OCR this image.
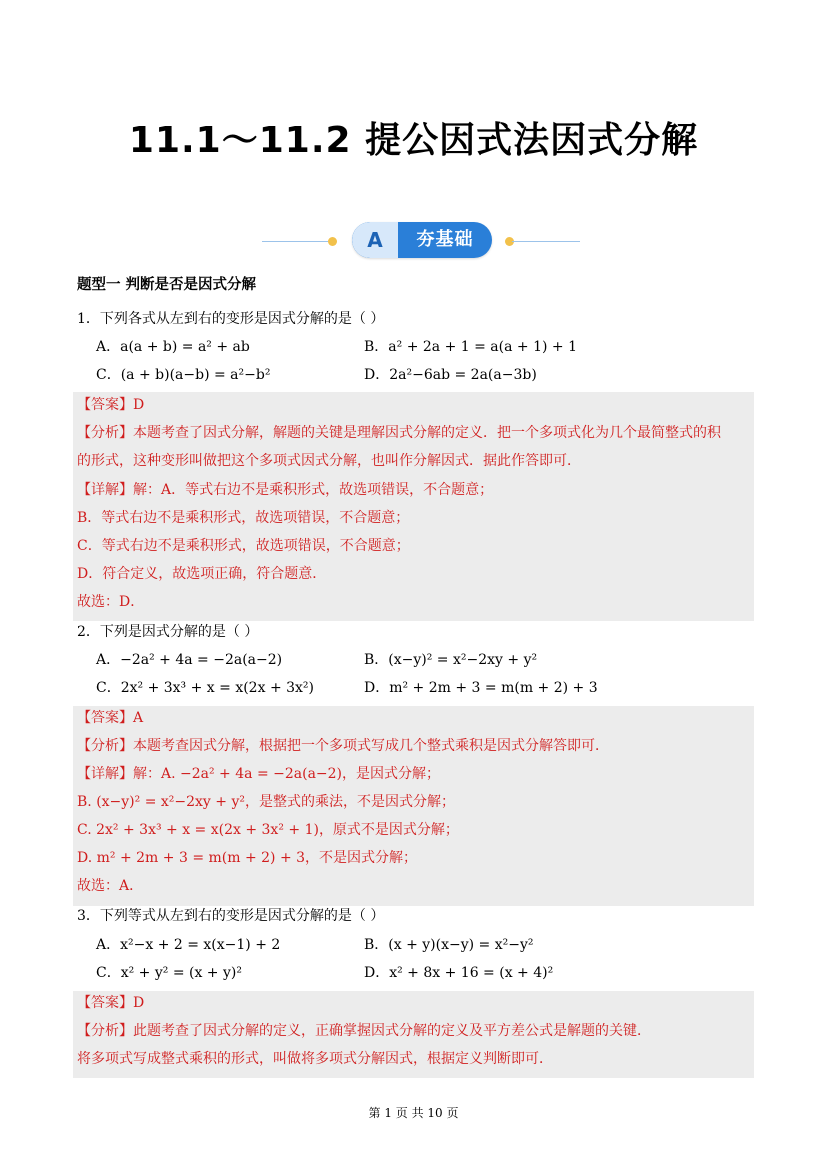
11.1～11.2 提公因式法因式分解
A	夯基础
题型一 判断是否是因式分解
1．下列各式从左到右的变形是因式分解的是（ ）
A．a(a + b) = a² + ab	B．a² + 2a + 1 = a(a + 1) + 1
C．(a + b)(a−b) = a²−b²	D．2a²−6ab = 2a(a−3b)
【答案】D
【分析】本题考查了因式分解，解题的关键是理解因式分解的定义．把一个多项式化为几个最简整式的积
的形式，这种变形叫做把这个多项式因式分解，也叫作分解因式．据此作答即可．
【详解】解：A．等式右边不是乘积形式，故选项错误，不合题意；
B．等式右边不是乘积形式，故选项错误，不合题意；
C．等式右边不是乘积形式，故选项错误，不合题意；
D．符合定义，故选项正确，符合题意．
故选：D．
2．下列是因式分解的是（ ）
A．−2a² + 4a = −2a(a−2)	B．(x−y)² = x²−2xy + y²
C．2x² + 3x³ + x = x(2x + 3x²)	D．m² + 2m + 3 = m(m + 2) + 3
【答案】A
【分析】本题考查因式分解，根据把一个多项式写成几个整式乘积是因式分解答即可．
【详解】解：A. −2a² + 4a = −2a(a−2)，是因式分解；
B. (x−y)² = x²−2xy + y²，是整式的乘法，不是因式分解；
C. 2x² + 3x³ + x = x(2x + 3x² + 1)，原式不是因式分解；
D. m² + 2m + 3 = m(m + 2) + 3，不是因式分解；
故选：A．
3．下列等式从左到右的变形是因式分解的是（ ）
A．x²−x + 2 = x(x−1) + 2	B．(x + y)(x−y) = x²−y²
C．x² + y² = (x + y)²	D．x² + 8x + 16 = (x + 4)²
【答案】D
【分析】此题考查了因式分解的定义，正确掌握因式分解的定义及平方差公式是解题的关键．
将多项式写成整式乘积的形式，叫做将多项式分解因式，根据定义判断即可．
第 1 页 共 10 页
